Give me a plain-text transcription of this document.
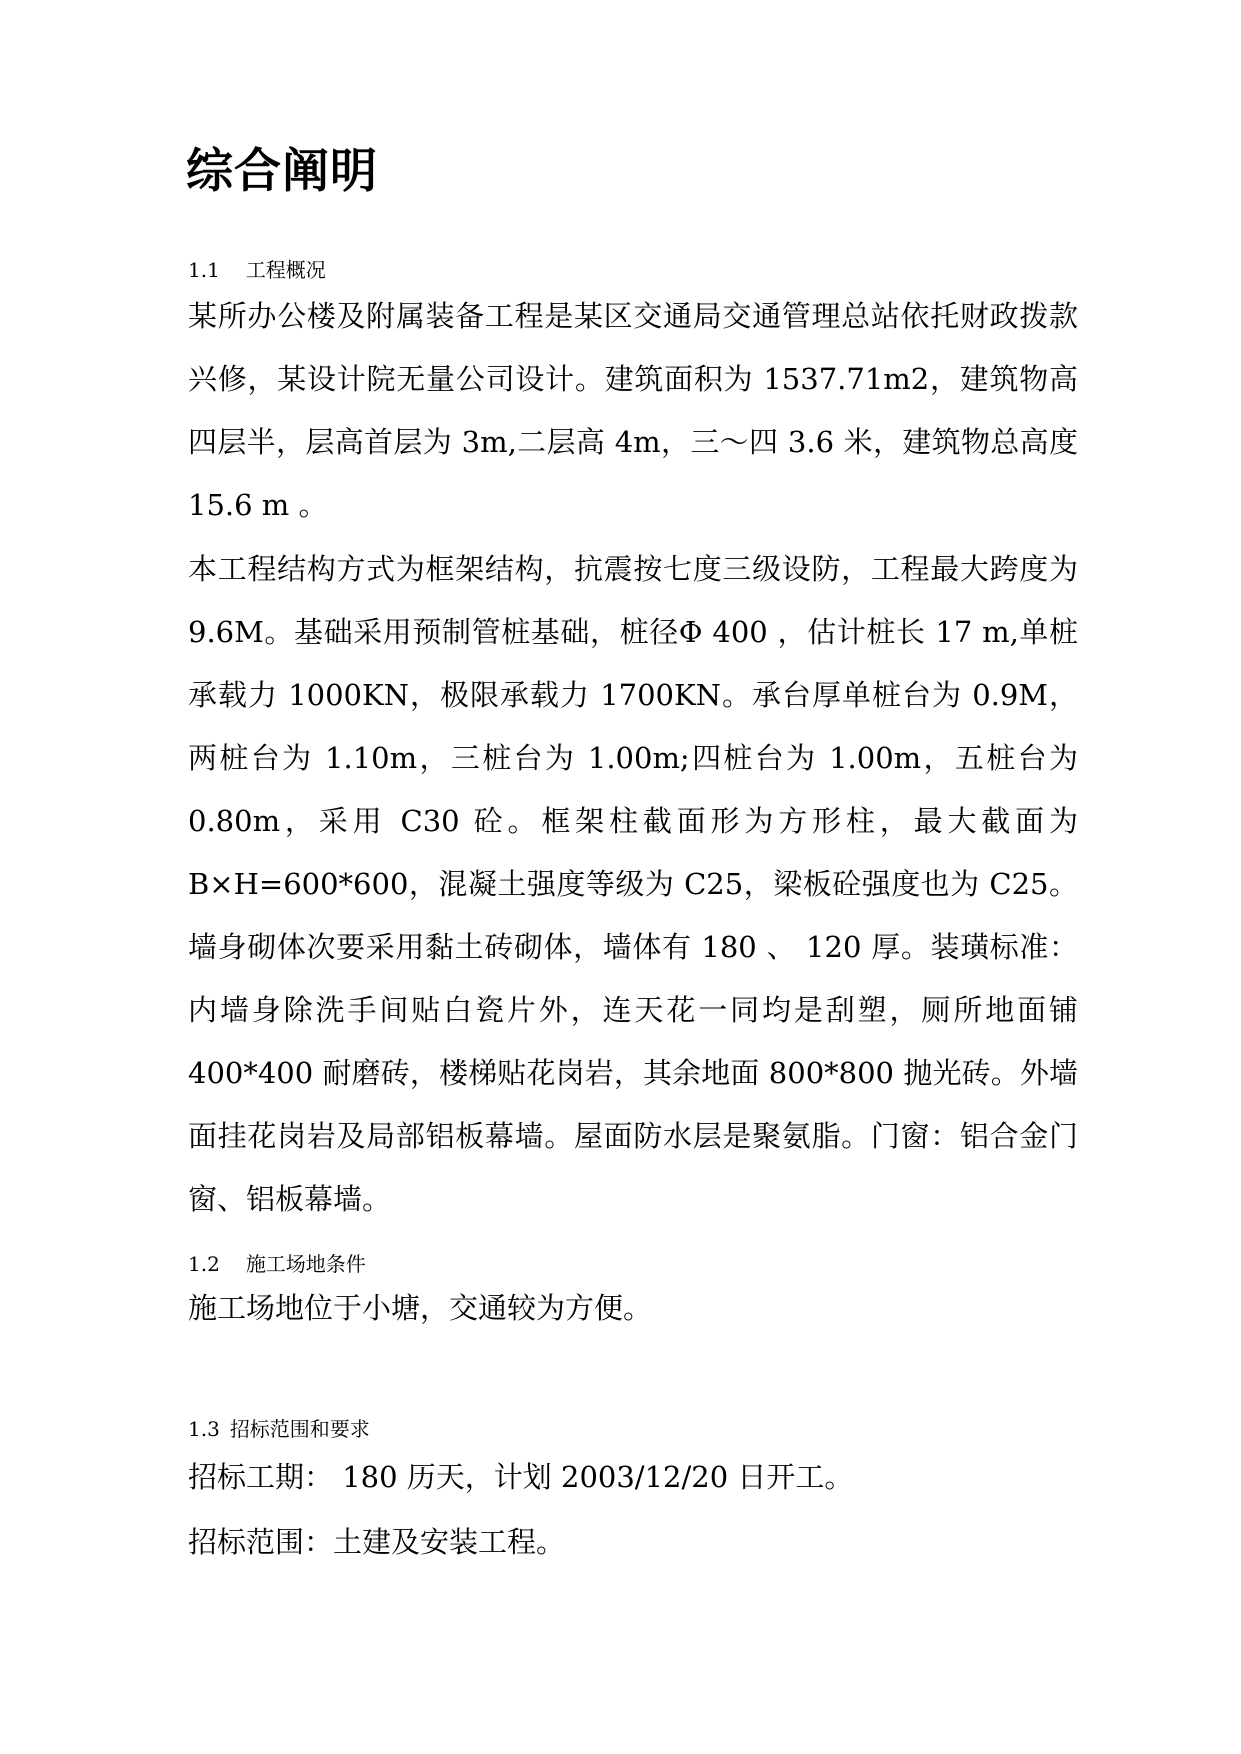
综合阐明
1.1 工程概况

某所办公楼及附属装备工程是某区交通局交通管理总站依托财政拨款兴修，某设计院无量公司设计。建筑面积为 1537.71m2，建筑物高四层半，层高首层为 3m,二层高 4m，三～四 3.6 米，建筑物总高度 15.6 m 。

本工程结构方式为框架结构，抗震按七度三级设防，工程最大跨度为 9.6M。基础采用预制管桩基础，桩径Φ 400 ，估计桩长 17 m,单桩承载力 1000KN，极限承载力 1700KN。承台厚单桩台为 0.9M，两桩台为 1.10m，三桩台为 1.00m;四桩台为 1.00m，五桩台为 0.80m，采用 C30 砼。框架柱截面形为方形柱，最大截面为 B×H=600*600，混凝土强度等级为 C25，梁板砼强度也为 C25。墙身砌体次要采用黏土砖砌体，墙体有 180 、 120 厚。装璜标准：内墙身除洗手间贴白瓷片外，连天花一同均是刮塑，厕所地面铺 400*400 耐磨砖，楼梯贴花岗岩，其余地面 800*800 抛光砖。外墙面挂花岗岩及局部铝板幕墙。屋面防水层是聚氨脂。门窗：铝合金门窗、铝板幕墙。

1.2 施工场地条件

施工场地位于小塘，交通较为方便。

1.3 招标范围和要求

招标工期： 180 历天，计划 2003/12/20 日开工。

招标范围：土建及安装工程。
